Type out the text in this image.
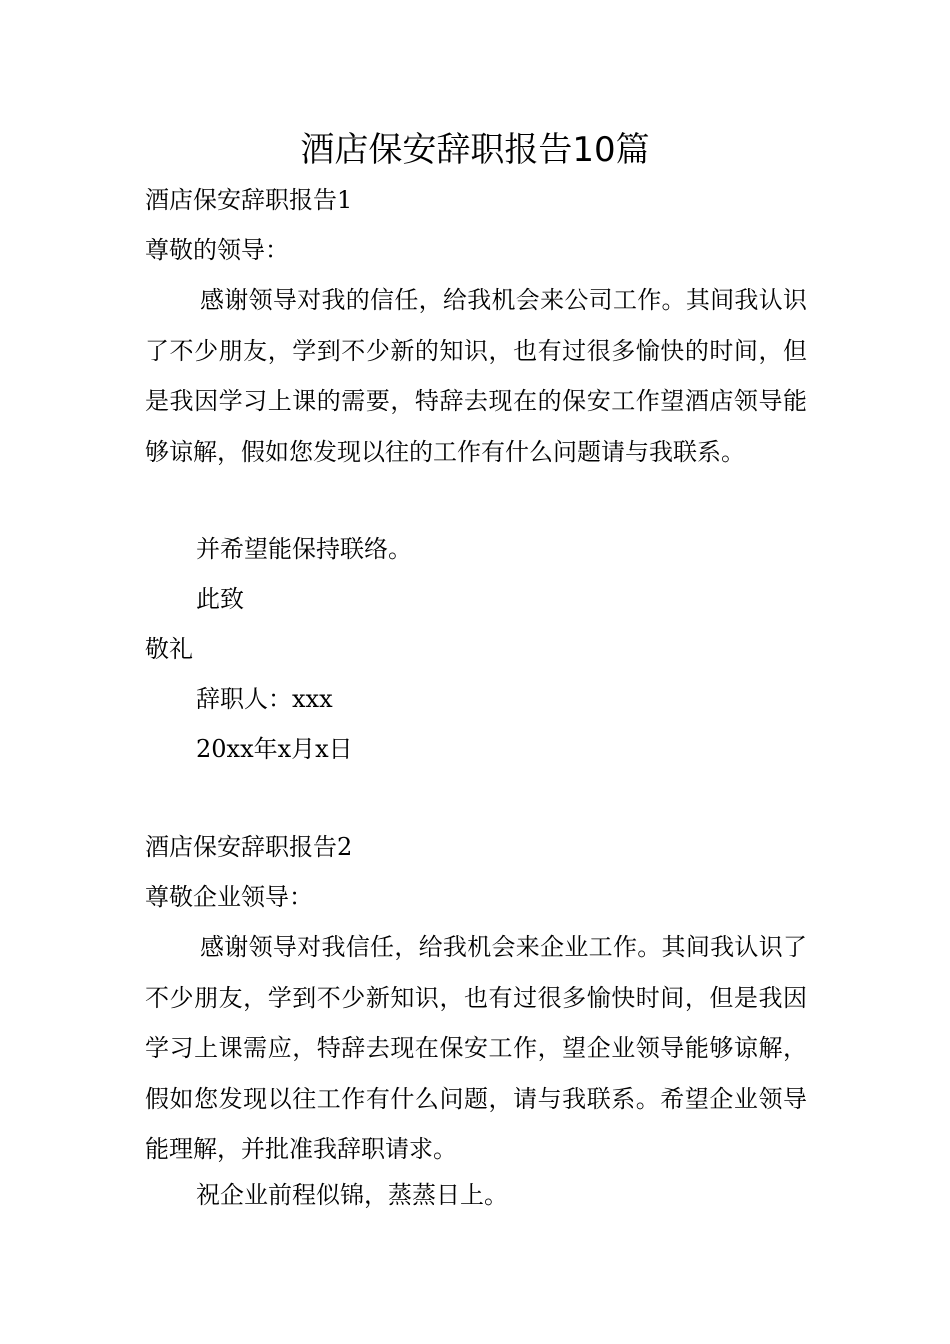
酒店保安辞职报告10篇
酒店保安辞职报告1
尊敬的领导：
感谢领导对我的信任，给我机会来公司工作。其间我认识了不少朋友，学到不少新的知识，也有过很多愉快的时间，但是我因学习上课的需要，特辞去现在的保安工作望酒店领导能够谅解，假如您发现以往的工作有什么问题请与我联系。
并希望能保持联络。
此致
敬礼
辞职人：xxx
20xx年x月x日
酒店保安辞职报告2
尊敬企业领导：
感谢领导对我信任，给我机会来企业工作。其间我认识了不少朋友，学到不少新知识，也有过很多愉快时间，但是我因学习上课需应，特辞去现在保安工作，望企业领导能够谅解，假如您发现以往工作有什么问题，请与我联系。希望企业领导能理解，并批准我辞职请求。
祝企业前程似锦，蒸蒸日上。
